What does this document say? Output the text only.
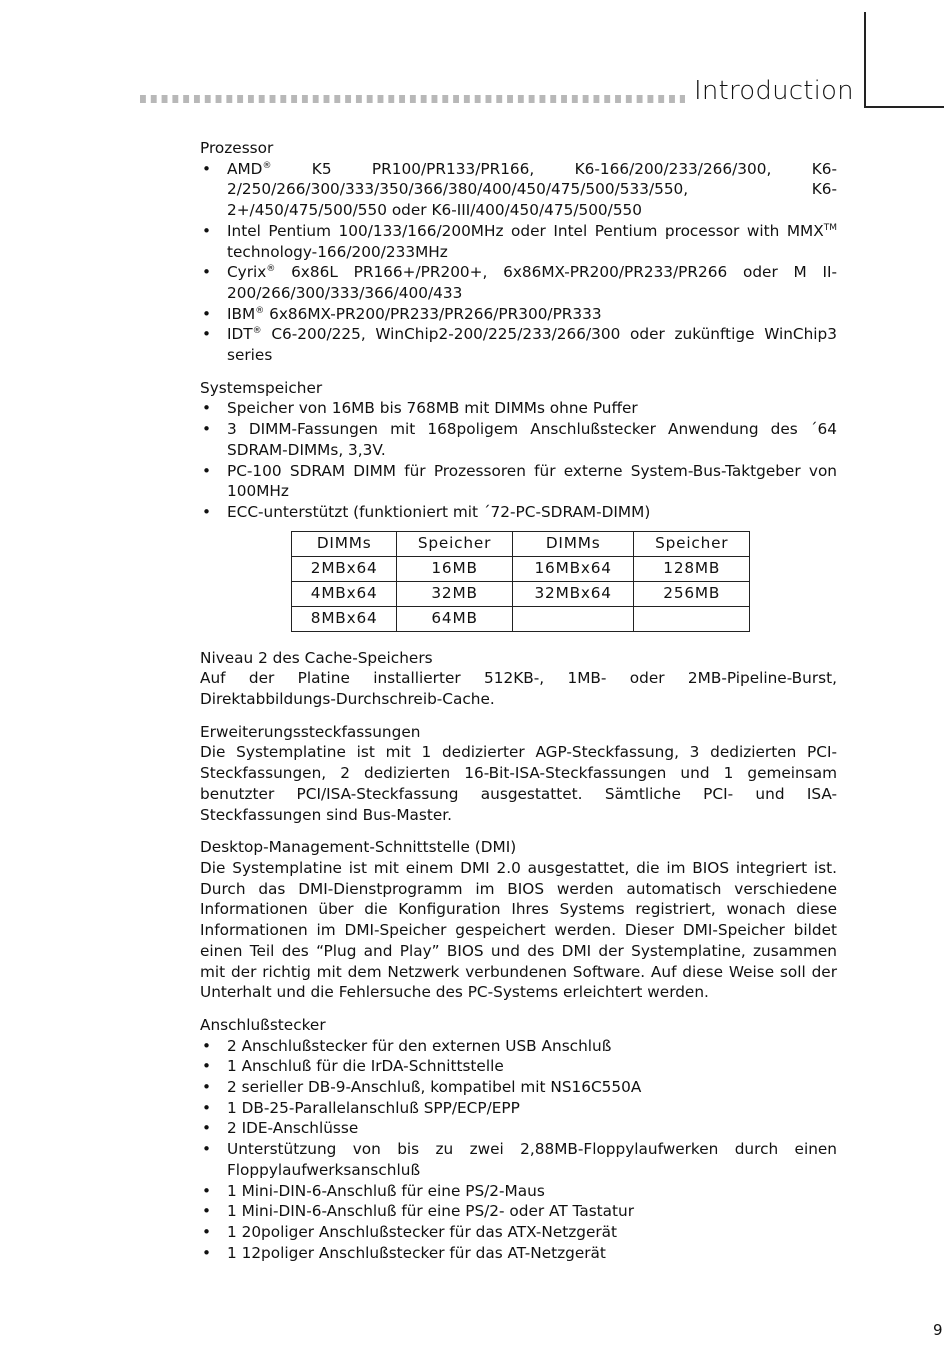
Introduction
Prozessor
• AMD® K5 PR100/PR133/PR166, K6-166/200/233/266/300, K6-2/250/266/300/333/350/366/380/400/450/475/500/533/550, K6-2+/450/475/500/550 oder K6-III/400/450/475/500/550
• Intel Pentium 100/133/166/200MHz oder Intel Pentium processor with MMX™ technology-166/200/233MHz
• Cyrix® 6x86L PR166+/PR200+, 6x86MX-PR200/PR233/PR266 oder M II-200/266/300/333/366/400/433
• IBM® 6x86MX-PR200/PR233/PR266/PR300/PR333
• IDT® C6-200/225, WinChip2-200/225/233/266/300 oder zukünftige WinChip3 series
Systemspeicher
• Speicher von 16MB bis 768MB mit DIMMs ohne Puffer
• 3 DIMM-Fassungen mit 168poligem Anschlußstecker Anwendung des ´64 SDRAM-DIMMs, 3,3V.
• PC-100 SDRAM DIMM für Prozessoren für externe System-Bus-Taktgeber von 100MHz
• ECC-unterstützt (funktioniert mit ´72-PC-SDRAM-DIMM)
DIMMs	Speicher	DIMMs	Speicher
2MBx64	16MB	16MBx64	128MB
4MBx64	32MB	32MBx64	256MB
8MBx64	64MB		
Niveau 2 des Cache-Speichers

Auf der Platine installierter 512KB-, 1MB- oder 2MB-Pipeline-Burst, Direktabbildungs-Durchschreib-Cache.

Erweiterungssteckfassungen

Die Systemplatine ist mit 1 dedizierter AGP-Steckfassung, 3 dedizierten PCI-Steckfassungen, 2 dedizierten 16-Bit-ISA-Steckfassungen und 1 gemeinsam benutzter PCI/ISA-Steckfassung ausgestattet. Sämtliche PCI- und ISA-Steckfassungen sind Bus-Master.

Desktop-Management-Schnittstelle (DMI)

Die Systemplatine ist mit einem DMI 2.0 ausgestattet, die im BIOS integriert ist. Durch das DMI-Dienstprogramm im BIOS werden automatisch verschiedene Informationen über die Konfiguration Ihres Systems registriert, wonach diese Informationen im DMI-Speicher gespeichert werden. Dieser DMI-Speicher bildet einen Teil des “Plug and Play” BIOS und des DMI der Systemplatine, zusammen mit der richtig mit dem Netzwerk verbundenen Software. Auf diese Weise soll der Unterhalt und die Fehlersuche des PC-Systems erleichtert werden.

Anschlußstecker
• 2 Anschlußstecker für den externen USB Anschluß
• 1 Anschluß für die IrDA-Schnittstelle
• 2 serieller DB-9-Anschluß, kompatibel mit NS16C550A
• 1 DB-25-Parallelanschluß SPP/ECP/EPP
• 2 IDE-Anschlüsse
• Unterstützung von bis zu zwei 2,88MB-Floppylaufwerken durch einen Floppylaufwerksanschluß
• 1 Mini-DIN-6-Anschluß für eine PS/2-Maus
• 1 Mini-DIN-6-Anschluß für eine PS/2- oder AT Tastatur
• 1 20poliger Anschlußstecker für das ATX-Netzgerät
• 1 12poliger Anschlußstecker für das AT-Netzgerät
9
